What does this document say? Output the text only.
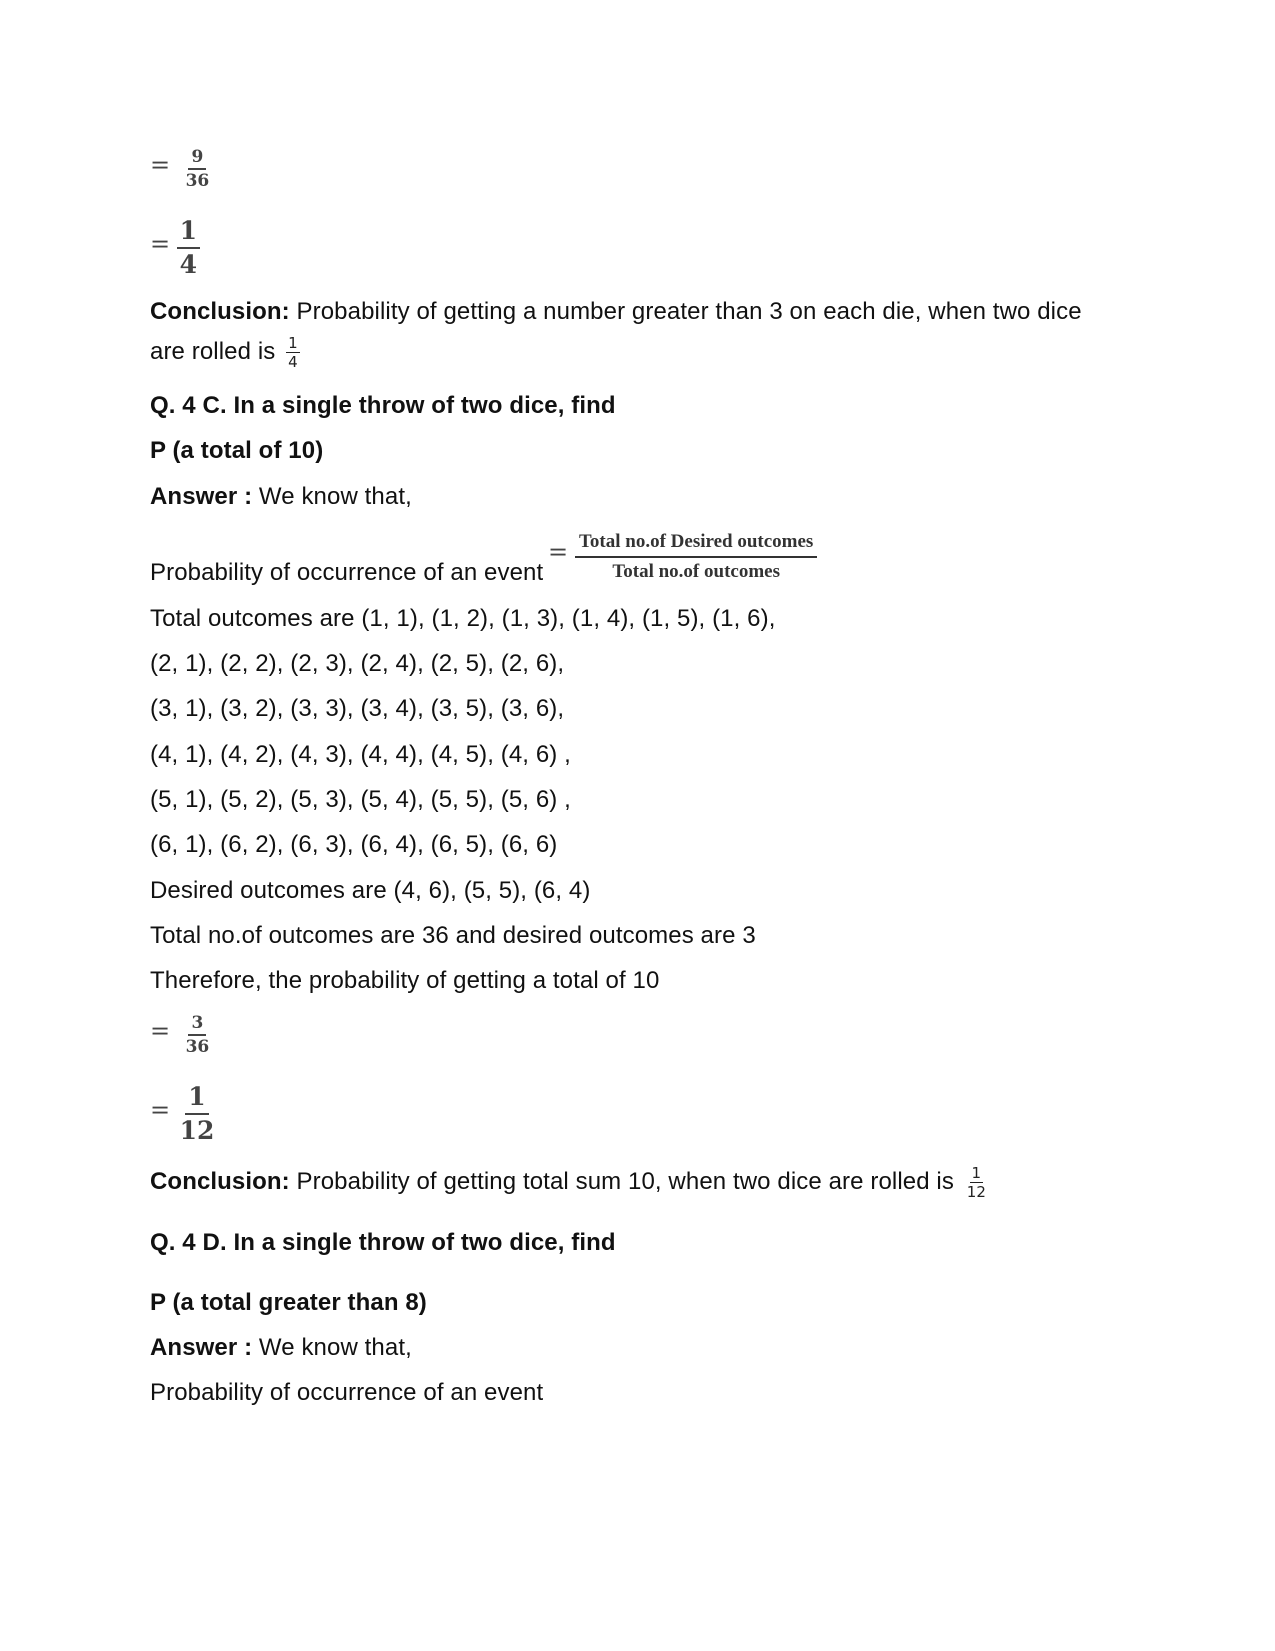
= $\frac{9}{36}$
= $\frac{1}{4}$
Conclusion: Probability of getting a number greater than 3 on each die, when two dice
are rolled is $\frac{1}{4}$
Q. 4 C. In a single throw of two dice, find
P (a total of 10)
Answer : We know that,
Probability of occurrence of an event
= Total no.of Desired outcomes
Total no.of outcomes
Total outcomes are (1, 1), (1, 2), (1, 3), (1, 4), (1, 5), (1, 6),
(2, 1), (2, 2), (2, 3), (2, 4), (2, 5), (2, 6),
(3, 1), (3, 2), (3, 3), (3, 4), (3, 5), (3, 6),
(4, 1), (4, 2), (4, 3), (4, 4), (4, 5), (4, 6) ,
(5, 1), (5, 2), (5, 3), (5, 4), (5, 5), (5, 6) ,
(6, 1), (6, 2), (6, 3), (6, 4), (6, 5), (6, 6)
Desired outcomes are (4, 6), (5, 5), (6, 4)
Total no.of outcomes are 36 and desired outcomes are 3
Therefore, the probability of getting a total of 10
= $\frac{3}{36}$
= $\frac{1}{12}$
Conclusion: Probability of getting total sum 10, when two dice are rolled is $\frac{1}{12}$
Q. 4 D. In a single throw of two dice, find
P (a total greater than 8)
Answer : We know that,
Probability of occurrence of an event
